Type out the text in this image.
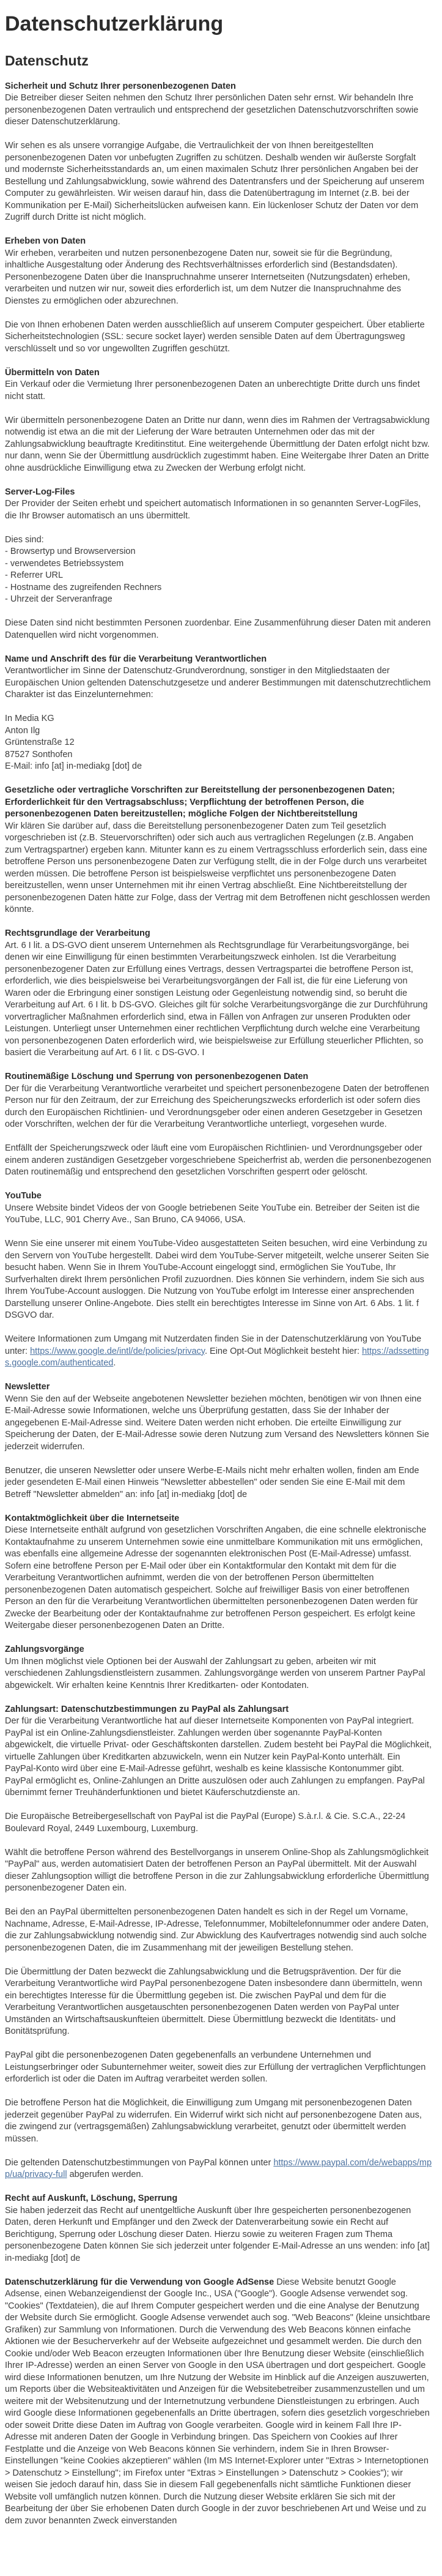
Datenschutzerklärung
Datenschutz

Sicherheit und Schutz Ihrer personenbezogenen Daten
Die Betreiber dieser Seiten nehmen den Schutz Ihrer persönlichen Daten sehr ernst. Wir behandeln Ihre personenbezogenen Daten vertraulich und entsprechend der gesetzlichen Datenschutzvorschriften sowie dieser Datenschutzerklärung.

Wir sehen es als unsere vorrangige Aufgabe, die Vertraulichkeit der von Ihnen bereitgestellten personenbezogenen Daten vor unbefugten Zugriffen zu schützen. Deshalb wenden wir äußerste Sorgfalt und modernste Sicherheitsstandards an, um einen maximalen Schutz Ihrer persönlichen Angaben bei der Bestellung und Zahlungsabwicklung, sowie während des Datentransfers und der Speicherung auf unserem Computer zu gewährleisten. Wir weisen darauf hin, dass die Datenübertragung im Internet (z.B. bei der Kommunikation per E-Mail) Sicherheitslücken aufweisen kann. Ein lückenloser Schutz der Daten vor dem Zugriff durch Dritte ist nicht möglich.

Erheben von Daten
Wir erheben, verarbeiten und nutzen personenbezogene Daten nur, soweit sie für die Begründung, inhaltliche Ausgestaltung oder Änderung des Rechtsverhältnisses erforderlich sind (Bestandsdaten). Personenbezogene Daten über die Inanspruchnahme unserer Internetseiten (Nutzungsdaten) erheben, verarbeiten und nutzen wir nur, soweit dies erforderlich ist, um dem Nutzer die Inanspruchnahme des Dienstes zu ermöglichen oder abzurechnen.

Die von Ihnen erhobenen Daten werden ausschließlich auf unserem Computer gespeichert. Über etablierte Sicherheitstechnologien (SSL: secure socket layer) werden sensible Daten auf dem Übertragungsweg verschlüsselt und so vor ungewollten Zugriffen geschützt.

Übermitteln von Daten
Ein Verkauf oder die Vermietung Ihrer personenbezogenen Daten an unberechtigte Dritte durch uns findet nicht statt.

Wir übermitteln personenbezogene Daten an Dritte nur dann, wenn dies im Rahmen der Vertragsabwicklung notwendig ist etwa an die mit der Lieferung der Ware betrauten Unternehmen oder das mit der Zahlungsabwicklung beauftragte Kreditinstitut. Eine weitergehende Übermittlung der Daten erfolgt nicht bzw. nur dann, wenn Sie der Übermittlung ausdrücklich zugestimmt haben. Eine Weitergabe Ihrer Daten an Dritte ohne ausdrückliche Einwilligung etwa zu Zwecken der Werbung erfolgt nicht.

Server-Log-Files
Der Provider der Seiten erhebt und speichert automatisch Informationen in so genannten Server-LogFiles, die Ihr Browser automatisch an uns übermittelt.

Dies sind:
- Browsertyp und Browserversion
- verwendetes Betriebssystem
- Referrer URL
- Hostname des zugreifenden Rechners
- Uhrzeit der Serveranfrage

Diese Daten sind nicht bestimmten Personen zuordenbar. Eine Zusammenführung dieser Daten mit anderen Datenquellen wird nicht vorgenommen.

Name und Anschrift des für die Verarbeitung Verantwortlichen
Verantwortlicher im Sinne der Datenschutz-Grundverordnung, sonstiger in den Mitgliedstaaten der Europäischen Union geltenden Datenschutzgesetze und anderer Bestimmungen mit datenschutzrechtlichem Charakter ist das Einzelunternehmen:

In Media KG
Anton Ilg
Grüntenstraße 12
87527 Sonthofen
E-Mail: info [at] in-mediakg [dot] de

Gesetzliche oder vertragliche Vorschriften zur Bereitstellung der personenbezogenen Daten; Erforderlichkeit für den Vertragsabschluss; Verpflichtung der betroffenen Person, die personenbezogenen Daten bereitzustellen; mögliche Folgen der Nichtbereitstellung
Wir klären Sie darüber auf, dass die Bereitstellung personenbezogener Daten zum Teil gesetzlich vorgeschrieben ist (z.B. Steuervorschriften) oder sich auch aus vertraglichen Regelungen (z.B. Angaben zum Vertragspartner) ergeben kann. Mitunter kann es zu einem Vertragsschluss erforderlich sein, dass eine betroffene Person uns personenbezogene Daten zur Verfügung stellt, die in der Folge durch uns verarbeitet werden müssen. Die betroffene Person ist beispielsweise verpflichtet uns personenbezogene Daten bereitzustellen, wenn unser Unternehmen mit ihr einen Vertrag abschließt. Eine Nichtbereitstellung der personenbezogenen Daten hätte zur Folge, dass der Vertrag mit dem Betroffenen nicht geschlossen werden könnte.

Rechtsgrundlage der Verarbeitung
Art. 6 I lit. a DS-GVO dient unserem Unternehmen als Rechtsgrundlage für Verarbeitungsvorgänge, bei denen wir eine Einwilligung für einen bestimmten Verarbeitungszweck einholen. Ist die Verarbeitung personenbezogener Daten zur Erfüllung eines Vertrags, dessen Vertragspartei die betroffene Person ist, erforderlich, wie dies beispielsweise bei Verarbeitungsvorgängen der Fall ist, die für eine Lieferung von Waren oder die Erbringung einer sonstigen Leistung oder Gegenleistung notwendig sind, so beruht die Verarbeitung auf Art. 6 I lit. b DS-GVO. Gleiches gilt für solche Verarbeitungsvorgänge die zur Durchführung vorvertraglicher Maßnahmen erforderlich sind, etwa in Fällen von Anfragen zur unseren Produkten oder Leistungen. Unterliegt unser Unternehmen einer rechtlichen Verpflichtung durch welche eine Verarbeitung von personenbezogenen Daten erforderlich wird, wie beispielsweise zur Erfüllung steuerlicher Pflichten, so basiert die Verarbeitung auf Art. 6 I lit. c DS-GVO. I

Routinemäßige Löschung und Sperrung von personenbezogenen Daten
Der für die Verarbeitung Verantwortliche verarbeitet und speichert personenbezogene Daten der betroffenen Person nur für den Zeitraum, der zur Erreichung des Speicherungszwecks erforderlich ist oder sofern dies durch den Europäischen Richtlinien- und Verordnungsgeber oder einen anderen Gesetzgeber in Gesetzen oder Vorschriften, welchen der für die Verarbeitung Verantwortliche unterliegt, vorgesehen wurde.

Entfällt der Speicherungszweck oder läuft eine vom Europäischen Richtlinien- und Verordnungsgeber oder einem anderen zuständigen Gesetzgeber vorgeschriebene Speicherfrist ab, werden die personenbezogenen Daten routinemäßig und entsprechend den gesetzlichen Vorschriften gesperrt oder gelöscht.

YouTube
Unsere Website bindet Videos der von Google betriebenen Seite YouTube ein. Betreiber der Seiten ist die YouTube, LLC, 901 Cherry Ave., San Bruno, CA 94066, USA.

Wenn Sie eine unserer mit einem YouTube-Video ausgestatteten Seiten besuchen, wird eine Verbindung zu den Servern von YouTube hergestellt. Dabei wird dem YouTube-Server mitgeteilt, welche unserer Seiten Sie besucht haben. Wenn Sie in Ihrem YouTube-Account eingeloggt sind, ermöglichen Sie YouTube, Ihr Surfverhalten direkt Ihrem persönlichen Profil zuzuordnen. Dies können Sie verhindern, indem Sie sich aus Ihrem YouTube-Account ausloggen. Die Nutzung von YouTube erfolgt im Interesse einer ansprechenden Darstellung unserer Online-Angebote. Dies stellt ein berechtigtes Interesse im Sinne von Art. 6 Abs. 1 lit. f DSGVO dar.

Weitere Informationen zum Umgang mit Nutzerdaten finden Sie in der Datenschutzerklärung von YouTube unter: https://www.google.de/intl/de/policies/privacy. Eine Opt-Out Möglichkeit besteht hier: https://adssettings.google.com/authenticated.

Newsletter
Wenn Sie den auf der Webseite angebotenen Newsletter beziehen möchten, benötigen wir von Ihnen eine E-Mail-Adresse sowie Informationen, welche uns Überprüfung gestatten, dass Sie der Inhaber der angegebenen E-Mail-Adresse sind. Weitere Daten werden nicht erhoben. Die erteilte Einwilligung zur Speicherung der Daten, der E-Mail-Adresse sowie deren Nutzung zum Versand des Newsletters können Sie jederzeit widerrufen.

Benutzer, die unseren Newsletter oder unsere Werbe-E-Mails nicht mehr erhalten wollen, finden am Ende jeder gesendeten E-Mail einen Hinweis "Newsletter abbestellen" oder senden Sie eine E-Mail mit dem Betreff "Newsletter abmelden" an: info [at] in-mediakg [dot] de

Kontaktmöglichkeit über die Internetseite
Diese Internetseite enthält aufgrund von gesetzlichen Vorschriften Angaben, die eine schnelle elektronische Kontaktaufnahme zu unserem Unternehmen sowie eine unmittelbare Kommunikation mit uns ermöglichen, was ebenfalls eine allgemeine Adresse der sogenannten elektronischen Post (E-Mail-Adresse) umfasst. Sofern eine betroffene Person per E-Mail oder über ein Kontaktformular den Kontakt mit dem für die Verarbeitung Verantwortlichen aufnimmt, werden die von der betroffenen Person übermittelten personenbezogenen Daten automatisch gespeichert. Solche auf freiwilliger Basis von einer betroffenen Person an den für die Verarbeitung Verantwortlichen übermittelten personenbezogenen Daten werden für Zwecke der Bearbeitung oder der Kontaktaufnahme zur betroffenen Person gespeichert. Es erfolgt keine Weitergabe dieser personenbezogenen Daten an Dritte.

Zahlungsvorgänge
Um Ihnen möglichst viele Optionen bei der Auswahl der Zahlungsart zu geben, arbeiten wir mit verschiedenen Zahlungsdienstleistern zusammen. Zahlungsvorgänge werden von unserem Partner PayPal abgewickelt. Wir erhalten keine Kenntnis Ihrer Kreditkarten- oder Kontodaten.

Zahlungsart: Datenschutzbestimmungen zu PayPal als Zahlungsart
Der für die Verarbeitung Verantwortliche hat auf dieser Internetseite Komponenten von PayPal integriert. PayPal ist ein Online-Zahlungsdienstleister. Zahlungen werden über sogenannte PayPal-Konten abgewickelt, die virtuelle Privat- oder Geschäftskonten darstellen. Zudem besteht bei PayPal die Möglichkeit, virtuelle Zahlungen über Kreditkarten abzuwickeln, wenn ein Nutzer kein PayPal-Konto unterhält. Ein PayPal-Konto wird über eine E-Mail-Adresse geführt, weshalb es keine klassische Kontonummer gibt. PayPal ermöglicht es, Online-Zahlungen an Dritte auszulösen oder auch Zahlungen zu empfangen. PayPal übernimmt ferner Treuhänderfunktionen und bietet Käuferschutzdienste an.

Die Europäische Betreibergesellschaft von PayPal ist die PayPal (Europe) S.à.r.l. & Cie. S.C.A., 22-24 Boulevard Royal, 2449 Luxembourg, Luxemburg.

Wählt die betroffene Person während des Bestellvorgangs in unserem Online-Shop als Zahlungsmöglichkeit "PayPal" aus, werden automatisiert Daten der betroffenen Person an PayPal übermittelt. Mit der Auswahl dieser Zahlungsoption willigt die betroffene Person in die zur Zahlungsabwicklung erforderliche Übermittlung personenbezogener Daten ein.

Bei den an PayPal übermittelten personenbezogenen Daten handelt es sich in der Regel um Vorname, Nachname, Adresse, E-Mail-Adresse, IP-Adresse, Telefonnummer, Mobiltelefonnummer oder andere Daten, die zur Zahlungsabwicklung notwendig sind. Zur Abwicklung des Kaufvertrages notwendig sind auch solche personenbezogenen Daten, die im Zusammenhang mit der jeweiligen Bestellung stehen.

Die Übermittlung der Daten bezweckt die Zahlungsabwicklung und die Betrugsprävention. Der für die Verarbeitung Verantwortliche wird PayPal personenbezogene Daten insbesondere dann übermitteln, wenn ein berechtigtes Interesse für die Übermittlung gegeben ist. Die zwischen PayPal und dem für die Verarbeitung Verantwortlichen ausgetauschten personenbezogenen Daten werden von PayPal unter Umständen an Wirtschaftsauskunfteien übermittelt. Diese Übermittlung bezweckt die Identitäts- und Bonitätsprüfung.

PayPal gibt die personenbezogenen Daten gegebenenfalls an verbundene Unternehmen und Leistungserbringer oder Subunternehmer weiter, soweit dies zur Erfüllung der vertraglichen Verpflichtungen erforderlich ist oder die Daten im Auftrag verarbeitet werden sollen.

Die betroffene Person hat die Möglichkeit, die Einwilligung zum Umgang mit personenbezogenen Daten jederzeit gegenüber PayPal zu widerrufen. Ein Widerruf wirkt sich nicht auf personenbezogene Daten aus, die zwingend zur (vertragsgemäßen) Zahlungsabwicklung verarbeitet, genutzt oder übermittelt werden müssen.

Die geltenden Datenschutzbestimmungen von PayPal können unter https://www.paypal.com/de/webapps/mpp/ua/privacy-full abgerufen werden.

Recht auf Auskunft, Löschung, Sperrung
Sie haben jederzeit das Recht auf unentgeltliche Auskunft über Ihre gespeicherten personenbezogenen Daten, deren Herkunft und Empfänger und den Zweck der Datenverarbeitung sowie ein Recht auf Berichtigung, Sperrung oder Löschung dieser Daten. Hierzu sowie zu weiteren Fragen zum Thema personenbezogene Daten können Sie sich jederzeit unter folgender E-Mail-Adresse an uns wenden: info [at] in-mediakg [dot] de

Datenschutzerklärung für die Verwendung von Google AdSense Diese Website benutzt Google Adsense, einen Webanzeigendienst der Google Inc., USA ("Google"). Google Adsense verwendet sog. "Cookies" (Textdateien), die auf Ihrem Computer gespeichert werden und die eine Analyse der Benutzung der Website durch Sie ermöglicht. Google Adsense verwendet auch sog. "Web Beacons" (kleine unsichtbare Grafiken) zur Sammlung von Informationen. Durch die Verwendung des Web Beacons können einfache Aktionen wie der Besucherverkehr auf der Webseite aufgezeichnet und gesammelt werden. Die durch den Cookie und/oder Web Beacon erzeugten Informationen über Ihre Benutzung dieser Website (einschließlich Ihrer IP-Adresse) werden an einen Server von Google in den USA übertragen und dort gespeichert. Google wird diese Informationen benutzen, um Ihre Nutzung der Website im Hinblick auf die Anzeigen auszuwerten, um Reports über die Websiteaktivitäten und Anzeigen für die Websitebetreiber zusammenzustellen und um weitere mit der Websitenutzung und der Internetnutzung verbundene Dienstleistungen zu erbringen. Auch wird Google diese Informationen gegebenenfalls an Dritte übertragen, sofern dies gesetzlich vorgeschrieben oder soweit Dritte diese Daten im Auftrag von Google verarbeiten. Google wird in keinem Fall Ihre IP-Adresse mit anderen Daten der Google in Verbindung bringen. Das Speichern von Cookies auf Ihrer Festplatte und die Anzeige von Web Beacons können Sie verhindern, indem Sie in Ihren Browser-Einstellungen "keine Cookies akzeptieren" wählen (Im MS Internet-Explorer unter "Extras > Internetoptionen > Datenschutz > Einstellung"; im Firefox unter "Extras > Einstellungen > Datenschutz > Cookies"); wir weisen Sie jedoch darauf hin, dass Sie in diesem Fall gegebenenfalls nicht sämtliche Funktionen dieser Website voll umfänglich nutzen können. Durch die Nutzung dieser Website erklären Sie sich mit der Bearbeitung der über Sie erhobenen Daten durch Google in der zuvor beschriebenen Art und Weise und zu dem zuvor benannten Zweck einverstanden
